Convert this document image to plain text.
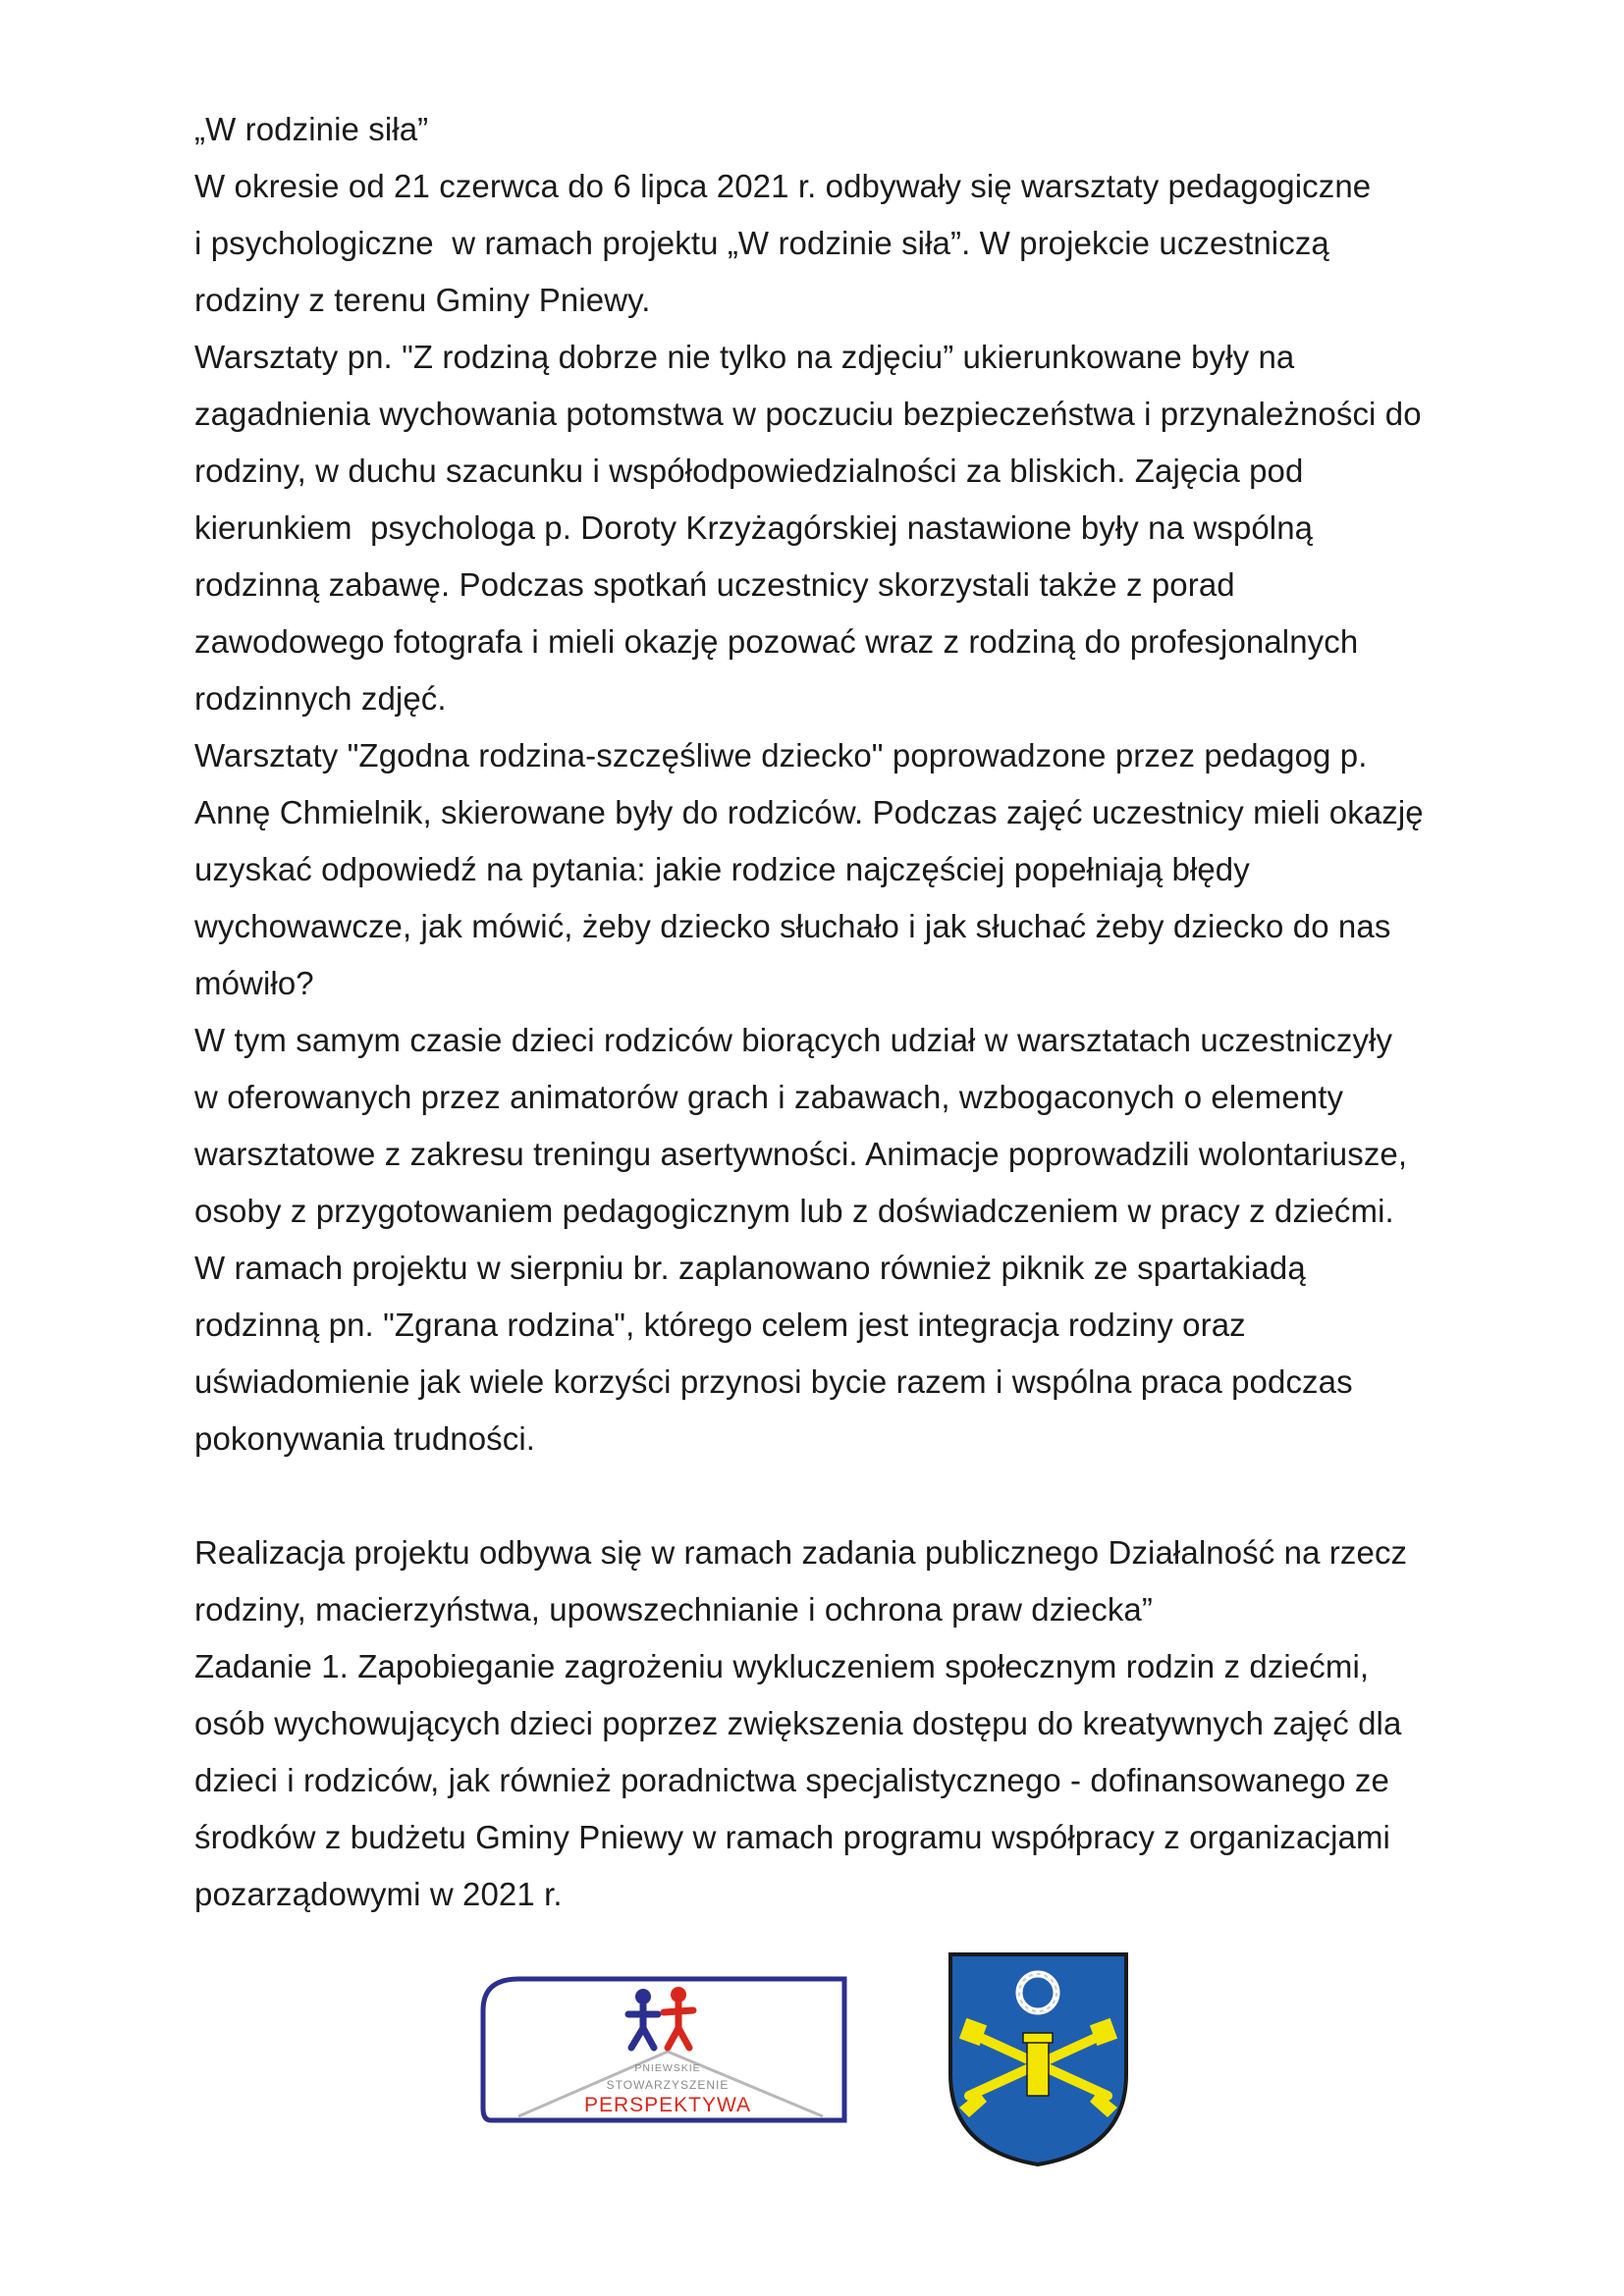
„W rodzinie siła”
W okresie od 21 czerwca do 6 lipca 2021 r. odbywały się warsztaty pedagogiczne
i psychologiczne  w ramach projektu „W rodzinie siła”. W projekcie uczestniczą
rodziny z terenu Gminy Pniewy.
Warsztaty pn. "Z rodziną dobrze nie tylko na zdjęciu” ukierunkowane były na
zagadnienia wychowania potomstwa w poczuciu bezpieczeństwa i przynależności do
rodziny, w duchu szacunku i współodpowiedzialności za bliskich. Zajęcia pod
kierunkiem  psychologa p. Doroty Krzyżagórskiej nastawione były na wspólną
rodzinną zabawę. Podczas spotkań uczestnicy skorzystali także z porad
zawodowego fotografa i mieli okazję pozować wraz z rodziną do profesjonalnych
rodzinnych zdjęć.
Warsztaty "Zgodna rodzina-szczęśliwe dziecko" poprowadzone przez pedagog p.
Annę Chmielnik, skierowane były do rodziców. Podczas zajęć uczestnicy mieli okazję
uzyskać odpowiedź na pytania: jakie rodzice najczęściej popełniają błędy
wychowawcze, jak mówić, żeby dziecko słuchało i jak słuchać żeby dziecko do nas
mówiło?
W tym samym czasie dzieci rodziców biorących udział w warsztatach uczestniczyły
w oferowanych przez animatorów grach i zabawach, wzbogaconych o elementy
warsztatowe z zakresu treningu asertywności. Animacje poprowadzili wolontariusze,
osoby z przygotowaniem pedagogicznym lub z doświadczeniem w pracy z dziećmi.
W ramach projektu w sierpniu br. zaplanowano również piknik ze spartakiadą
rodzinną pn. "Zgrana rodzina", którego celem jest integracja rodziny oraz
uświadomienie jak wiele korzyści przynosi bycie razem i wspólna praca podczas
pokonywania trudności.
Realizacja projektu odbywa się w ramach zadania publicznego Działalność na rzecz
rodziny, macierzyństwa, upowszechnianie i ochrona praw dziecka”
Zadanie 1. Zapobieganie zagrożeniu wykluczeniem społecznym rodzin z dziećmi,
osób wychowujących dzieci poprzez zwiększenia dostępu do kreatywnych zajęć dla
dzieci i rodziców, jak również poradnictwa specjalistycznego - dofinansowanego ze
środków z budżetu Gminy Pniewy w ramach programu współpracy z organizacjami
pozarządowymi w 2021 r.
PNIEWSKIE
STOWARZYSZENIE
PERSPEKTYWA
